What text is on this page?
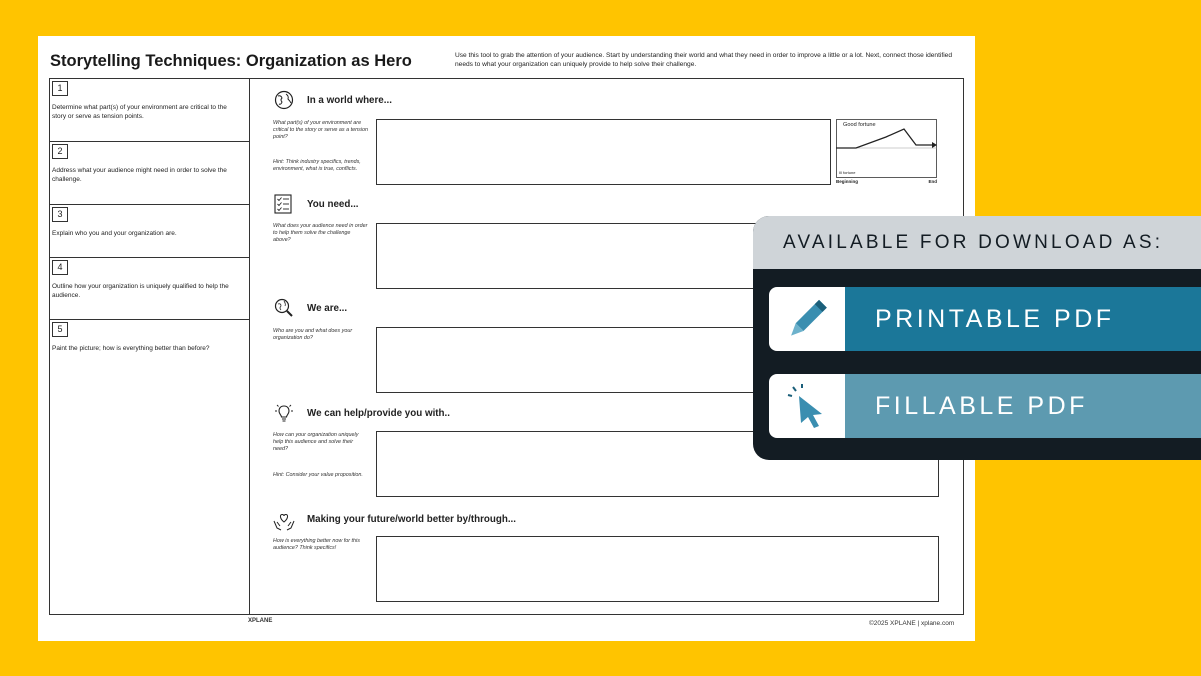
Storytelling Techniques: Organization as Hero	Use this tool to grab the attention of your audience. Start by understanding their world and what they need in order to improve a little or a lot. Next, connect those identified needs to what your organization can uniquely provide to help solve their challenge.
1
Determine what part(s) of your environment are critical to the story or serve as tension points.
2
Address what your audience might need in order to solve the challenge.
3
Explain who you and your organization are.
4
Outline how your organization is uniquely qualified to help the audience.
5
Paint the picture; how is everything better than before?
In a world where...
What part(s) of your environment are critical to the story or serve as a tension point?
Hint: Think industry specifics, trends, environment, what is true, conflicts.
Good fortune
Ill fortune
Beginning	End
You need...
What does your audience need in order to help them solve the challenge above?
We are...
Who are you and what does your organization do?
We can help/provide you with..
How can your organization uniquely help this audience and solve their need?
Hint: Consider your value proposition.
Making your future/world better by/through...
How is everything better now for this audience? Think specifics!
XPLANE	©2025 XPLANE | xplane.com
AVAILABLE FOR DOWNLOAD AS:
PRINTABLE PDF
FILLABLE PDF
